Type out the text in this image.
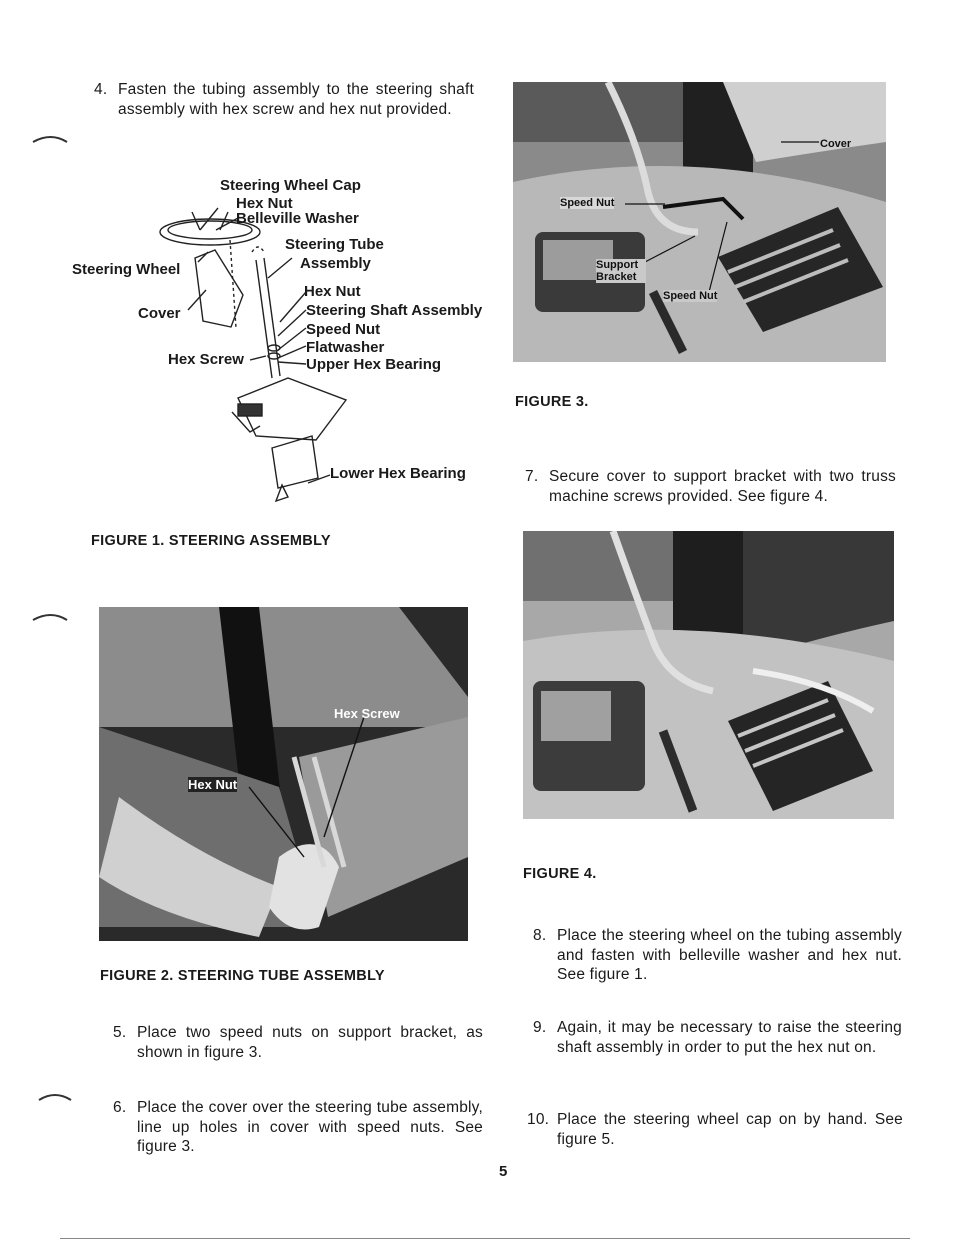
4. Fasten the tubing assembly to the steering shaft assembly with hex screw and hex nut provided.
Steering Wheel Cap
Hex Nut
Belleville Washer
Steering Tube
Assembly
Steering Wheel
Hex Nut
Cover	Steering Shaft Assembly
Speed Nut
Flatwasher
Hex Screw	Upper Hex Bearing
Lower Hex Bearing
FIGURE 1. STEERING ASSEMBLY
Cover
Speed Nut
Support Bracket
Speed Nut
FIGURE 3.
7. Secure cover to support bracket with two truss machine screws provided. See figure 4.
FIGURE 4.
Hex Screw
Hex Nut
FIGURE 2. STEERING TUBE ASSEMBLY
8. Place the steering wheel on the tubing assembly and fasten with belleville washer and hex nut. See figure 1.
5. Place two speed nuts on support bracket, as shown in figure 3.
9. Again, it may be necessary to raise the steering shaft assembly in order to put the hex nut on.
6. Place the cover over the steering tube assembly, line up holes in cover with speed nuts. See figure 3.
10. Place the steering wheel cap on by hand. See figure 5.
5
